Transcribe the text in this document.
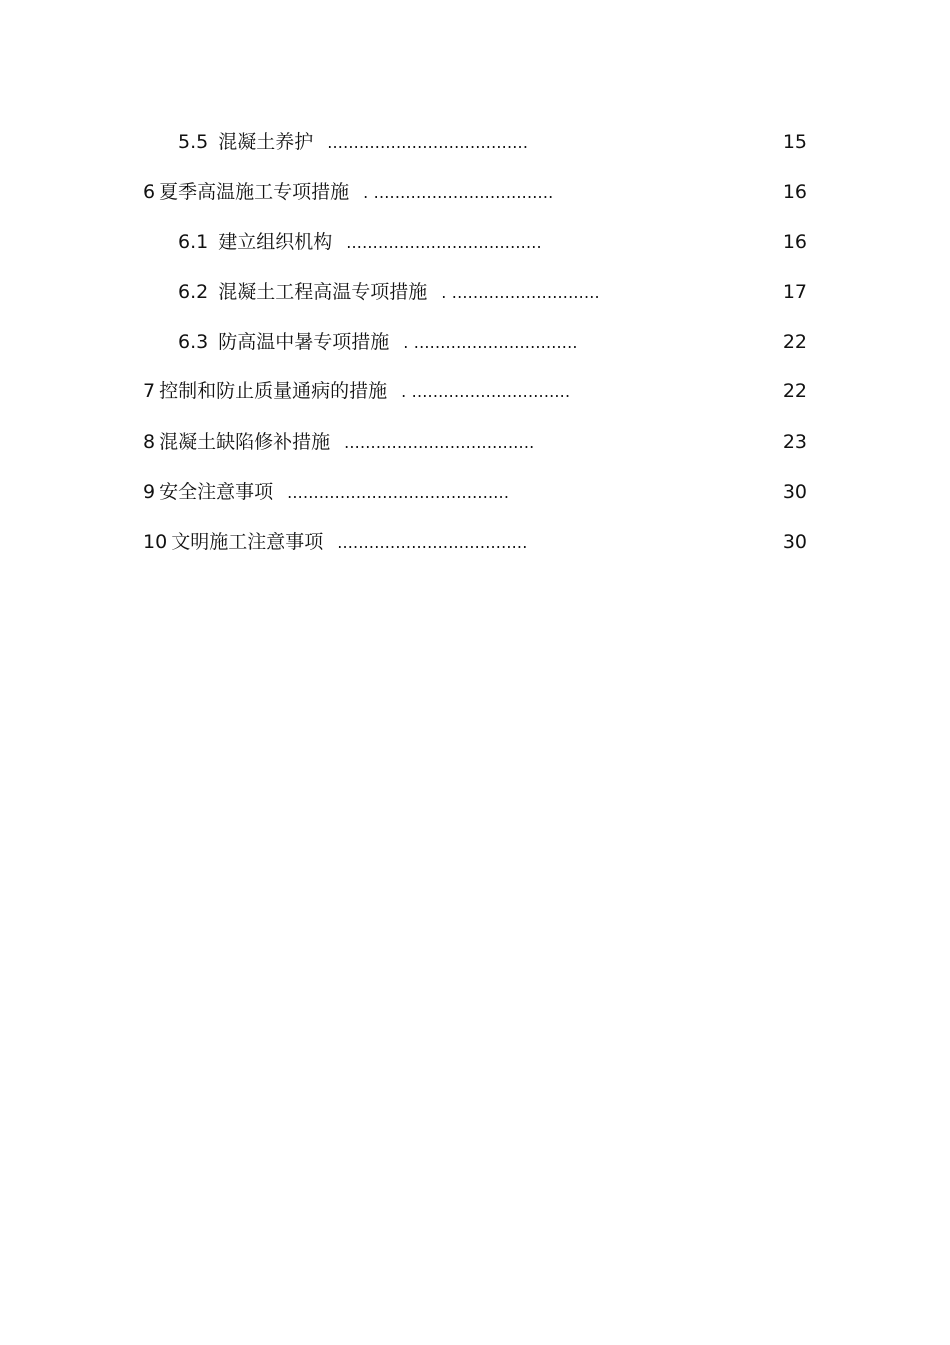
5.5 混凝土养护 ......................................	15
6 夏季高温施工专项措施 . ..................................	16
6.1 建立组织机构 .....................................	16
6.2 混凝土工程高温专项措施 . ............................	17
6.3 防高温中暑专项措施 . ...............................	22
7 控制和防止质量通病的措施 . ..............................	22
8 混凝土缺陷修补措施 ....................................	23
9 安全注意事项 ..........................................	30
10 文明施工注意事项 ....................................	30
